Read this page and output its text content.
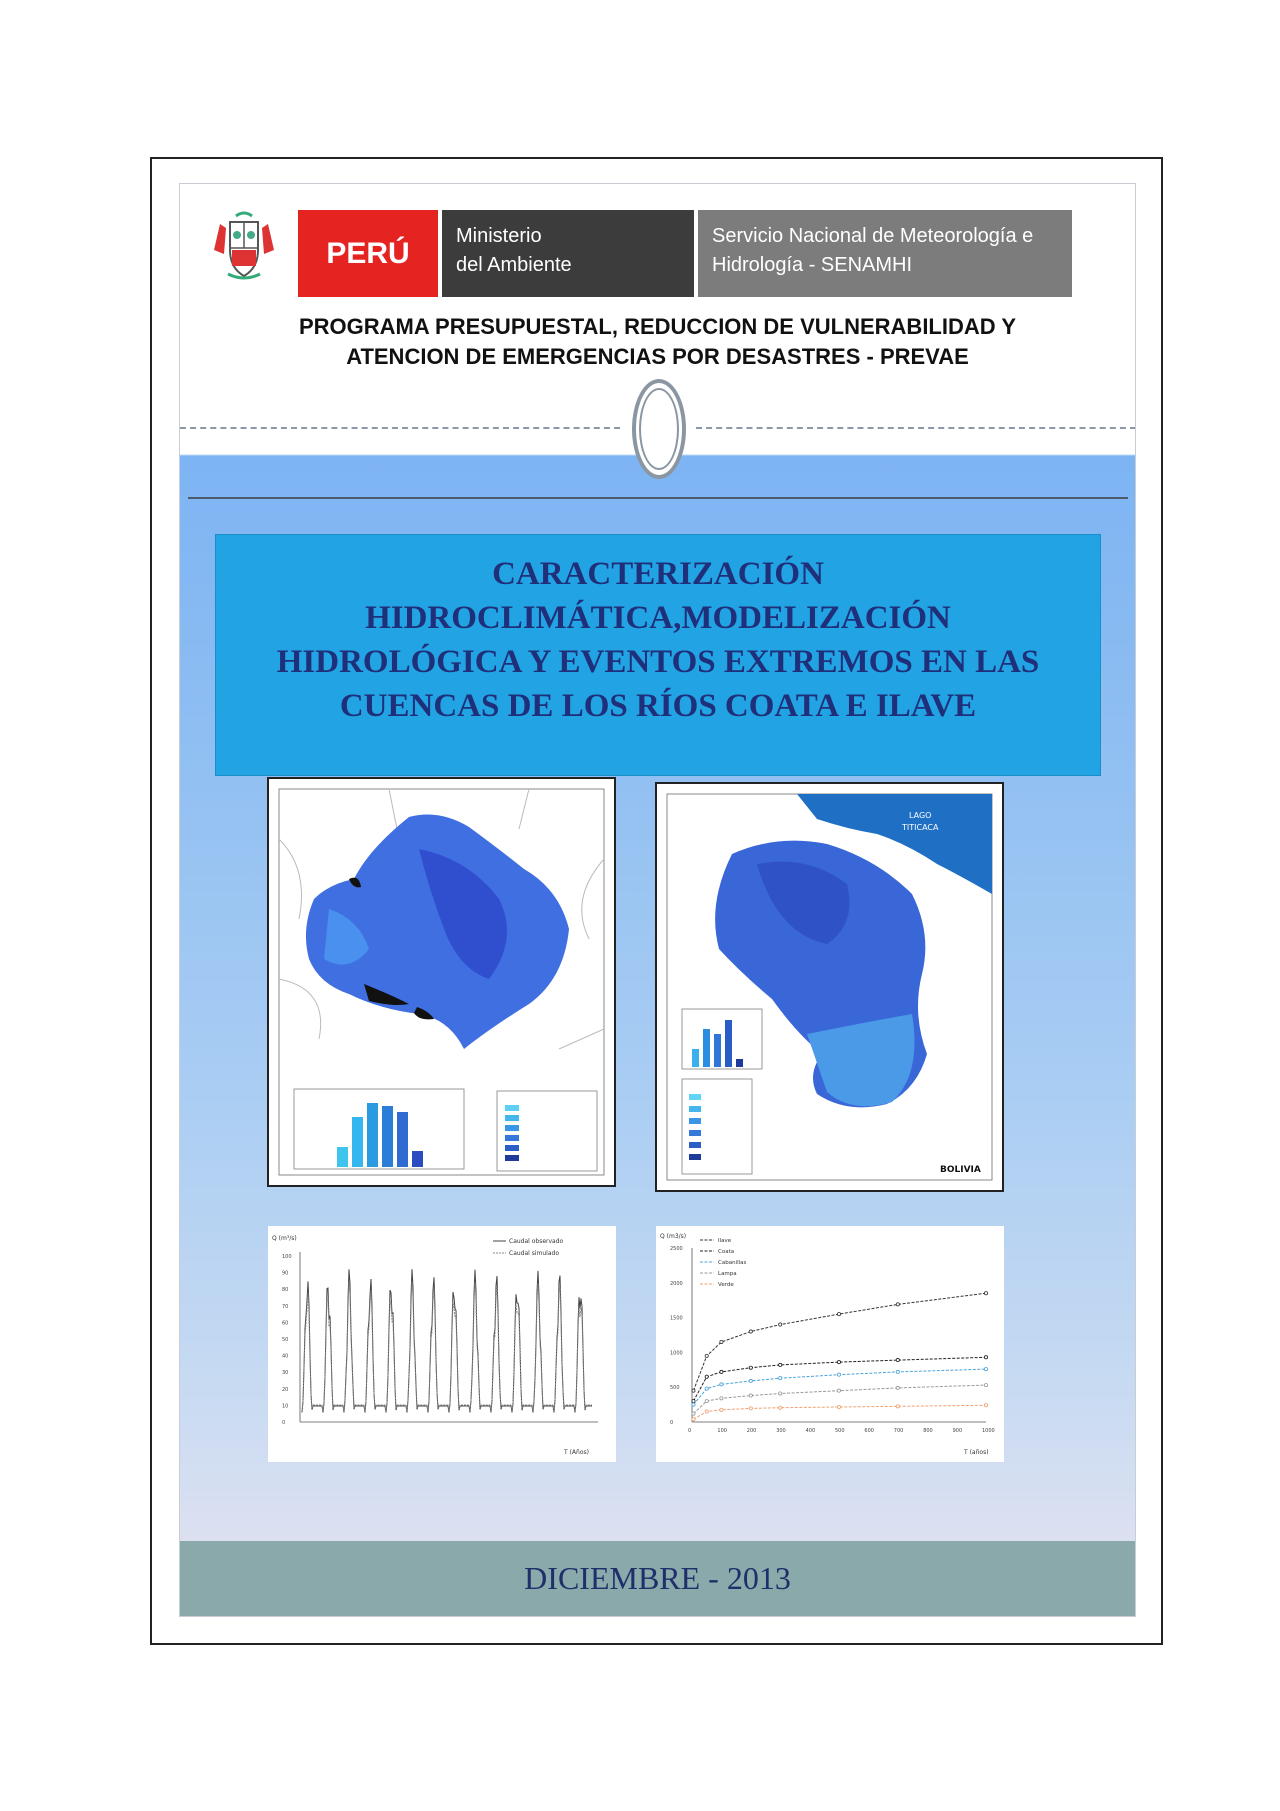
PERÚ
Ministerio
del Ambiente
Servicio Nacional de Meteorología e
Hidrología - SENAMHI
PROGRAMA PRESUPUESTAL, REDUCCION DE VULNERABILIDAD Y
ATENCION DE EMERGENCIAS POR DESASTRES - PREVAE
CARACTERIZACIÓN
HIDROCLIMÁTICA,MODELIZACIÓN
HIDROLÓGICA Y EVENTOS EXTREMOS EN LAS
CUENCAS DE LOS RÍOS COATA E ILAVE
LAGO
TITICACA
BOLIVIA
Q (m³/s)
100
90
80
70
60
50
40
30
20
10
0
Caudal observado
Caudal simulado
T (Años)
Q (m3/s)
T (años)
2500
2000
1500
1000
500
0
0	100	200	300	400	500	600	700	800	900	1000
Ilave
Coata
Cabanillas
Lampa
Verde
DICIEMBRE - 2013
